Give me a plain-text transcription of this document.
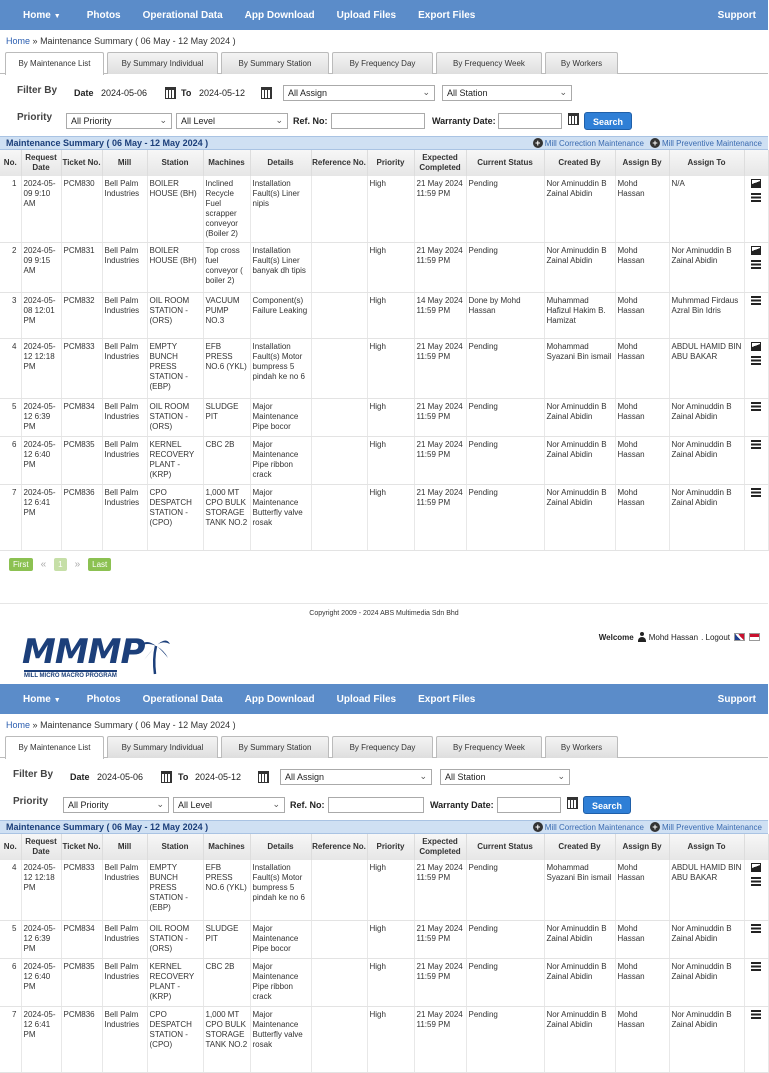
Home ▼	Photos Operational Data App Download Upload Files Export Files	Support
Home » Maintenance Summary ( 06 May - 12 May 2024 )
By Maintenance List	By Summary Individual	By Summary Station	By Frequency Day	By Frequency Week	By Workers
Filter By Date 2024-05-06	To 2024-05-12	All Assign	⌄	All Station	⌄
Priority	All Priority	⌄	All Level	⌄ Ref. No:	Warranty Date:	Search
Maintenance Summary ( 06 May - 12 May 2024 )	+ Mill Correction Maintenance + Mill Preventive Maintenance
No.	Request Date	Ticket No.	Mill	Station	Machines	Details	Reference No.	Priority	Expected Completed	Current Status	Created By	Assign By	Assign To	
1	2024-05-09 9:10 AM	PCM830	Bell Palm Industries	BOILER HOUSE (BH)	Inclined Recycle Fuel scrapper conveyor (Boiler 2)	Installation Fault(s) Liner nipis		High	21 May 2024 11:59 PM	Pending	Nor Aminuddin B Zainal Abidin	Mohd Hassan	N/A	

2	2024-05-09 9:15 AM	PCM831	Bell Palm Industries	BOILER HOUSE (BH)	Top cross fuel conveyor ( boiler 2)	Installation Fault(s) Liner banyak dh tipis		High	21 May 2024 11:59 PM	Pending	Nor Aminuddin B Zainal Abidin	Mohd Hassan	Nor Aminuddin B Zainal Abidin	

3	2024-05-08 12:01 PM	PCM832	Bell Palm Industries	OIL ROOM STATION - (ORS)	VACUUM PUMP NO.3	Component(s) Failure Leaking		High	14 May 2024 11:59 PM	Done by Mohd Hassan	Muhammad Hafizul Hakim B. Hamizat	Mohd Hassan	Muhmmad Firdaus Azral Bin Idris	
4	2024-05-12 12:18 PM	PCM833	Bell Palm Industries	EMPTY BUNCH PRESS STATION - (EBP)	EFB PRESS NO.6 (YKL)	Installation Fault(s) Motor bumpress 5 pindah ke no 6		High	21 May 2024 11:59 PM	Pending	Mohammad Syazani Bin ismail	Mohd Hassan	ABDUL HAMID BIN ABU BAKAR	

5	2024-05-12 6:39 PM	PCM834	Bell Palm Industries	OIL ROOM STATION - (ORS)	SLUDGE PIT	Major Maintenance Pipe bocor		High	21 May 2024 11:59 PM	Pending	Nor Aminuddin B Zainal Abidin	Mohd Hassan	Nor Aminuddin B Zainal Abidin	
6	2024-05-12 6:40 PM	PCM835	Bell Palm Industries	KERNEL RECOVERY PLANT - (KRP)	CBC 2B	Major Maintenance Pipe ribbon crack		High	21 May 2024 11:59 PM	Pending	Nor Aminuddin B Zainal Abidin	Mohd Hassan	Nor Aminuddin B Zainal Abidin	
7	2024-05-12 6:41 PM	PCM836	Bell Palm Industries	CPO DESPATCH STATION - (CPO)	1,000 MT CPO BULK STORAGE TANK NO.2	Major Maintenance Butterfly valve rosak		High	21 May 2024 11:59 PM	Pending	Nor Aminuddin B Zainal Abidin	Mohd Hassan	Nor Aminuddin B Zainal Abidin	
First	«	1	»	Last
Copyright 2009 - 2024 ABS Multimedia Sdn Bhd
MMMP
MILL MICRO MACRO PROGRAM
Welcome Mohd Hassan . Logout
Home ▼	Photos Operational Data App Download Upload Files Export Files	Support
Home » Maintenance Summary ( 06 May - 12 May 2024 )
By Maintenance List	By Summary Individual	By Summary Station	By Frequency Day	By Frequency Week	By Workers
Filter By Date 2024-05-06	To 2024-05-12	All Assign	⌄	All Station	⌄
Priority	All Priority	⌄	All Level	⌄ Ref. No:	Warranty Date:	Search
Maintenance Summary ( 06 May - 12 May 2024 )	+ Mill Correction Maintenance + Mill Preventive Maintenance
No.	Request Date	Ticket No.	Mill	Station	Machines	Details	Reference No.	Priority	Expected Completed	Current Status	Created By	Assign By	Assign To	
4	2024-05-12 12:18 PM	PCM833	Bell Palm Industries	EMPTY BUNCH PRESS STATION - (EBP)	EFB PRESS NO.6 (YKL)	Installation Fault(s) Motor bumpress 5 pindah ke no 6		High	21 May 2024 11:59 PM	Pending	Mohammad Syazani Bin ismail	Mohd Hassan	ABDUL HAMID BIN ABU BAKAR	

5	2024-05-12 6:39 PM	PCM834	Bell Palm Industries	OIL ROOM STATION - (ORS)	SLUDGE PIT	Major Maintenance Pipe bocor		High	21 May 2024 11:59 PM	Pending	Nor Aminuddin B Zainal Abidin	Mohd Hassan	Nor Aminuddin B Zainal Abidin	
6	2024-05-12 6:40 PM	PCM835	Bell Palm Industries	KERNEL RECOVERY PLANT - (KRP)	CBC 2B	Major Maintenance Pipe ribbon crack		High	21 May 2024 11:59 PM	Pending	Nor Aminuddin B Zainal Abidin	Mohd Hassan	Nor Aminuddin B Zainal Abidin	
7	2024-05-12 6:41 PM	PCM836	Bell Palm Industries	CPO DESPATCH STATION - (CPO)	1,000 MT CPO BULK STORAGE TANK NO.2	Major Maintenance Butterfly valve rosak		High	21 May 2024 11:59 PM	Pending	Nor Aminuddin B Zainal Abidin	Mohd Hassan	Nor Aminuddin B Zainal Abidin	
